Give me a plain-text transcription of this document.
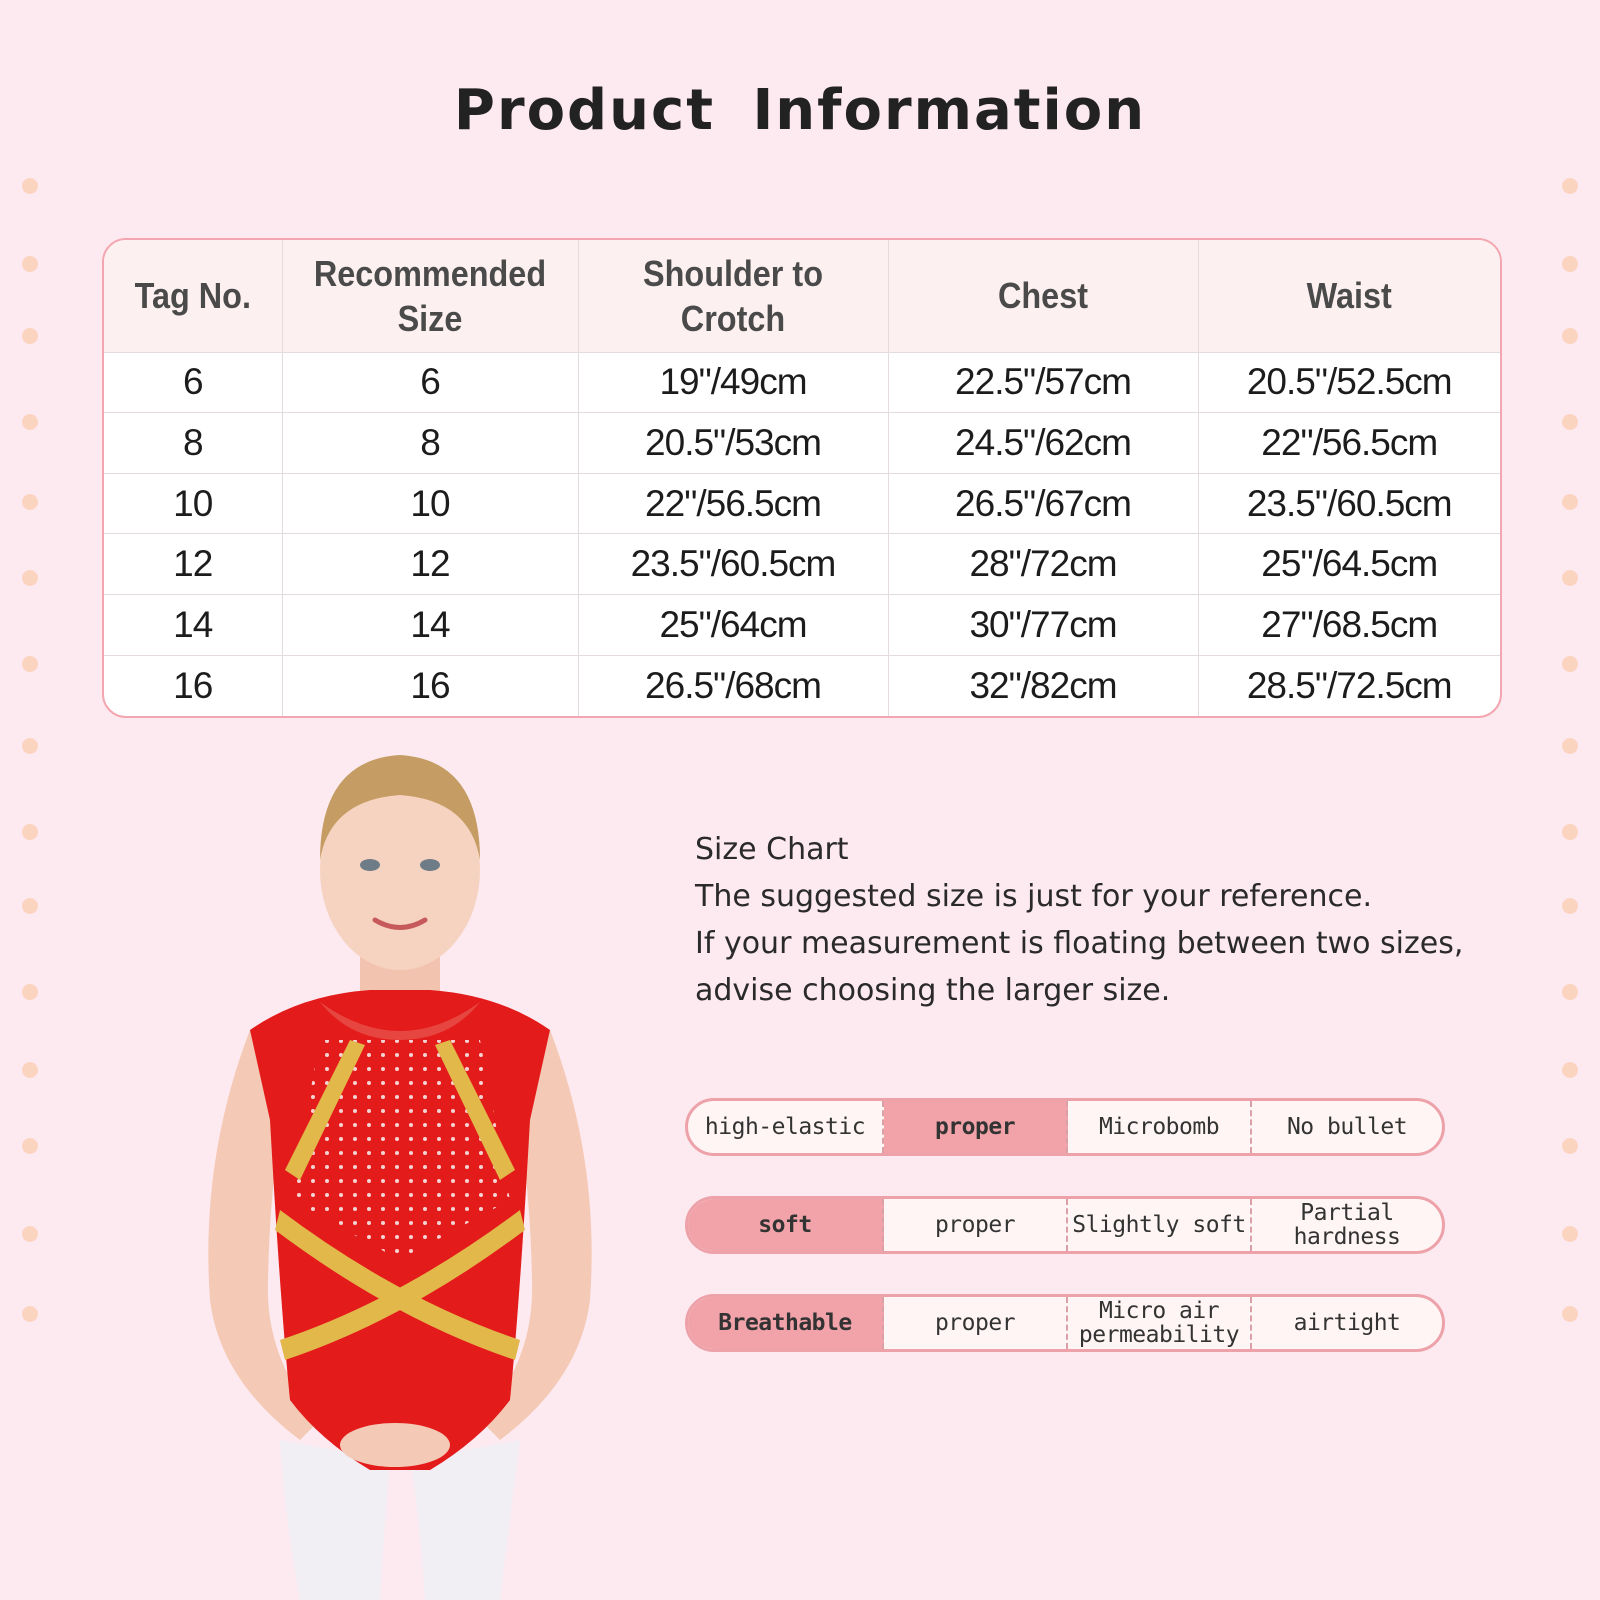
Product Information
Tag No.	Recommended Size	Shoulder to Crotch	Chest	Waist
6	6	19"/49cm	22.5"/57cm	20.5"/52.5cm
8	8	20.5"/53cm	24.5"/62cm	22"/56.5cm
10	10	22"/56.5cm	26.5"/67cm	23.5"/60.5cm
12	12	23.5"/60.5cm	28"/72cm	25"/64.5cm
14	14	25"/64cm	30"/77cm	27"/68.5cm
16	16	26.5"/68cm	32"/82cm	28.5"/72.5cm
Size Chart
The suggested size is just for your reference.
If your measurement is floating between two sizes,
advise choosing the larger size.
high-elastic	proper	Microbomb	No bullet
soft	proper	Slightly soft	Partial hardness
Breathable	proper	Micro air permeability	airtight
